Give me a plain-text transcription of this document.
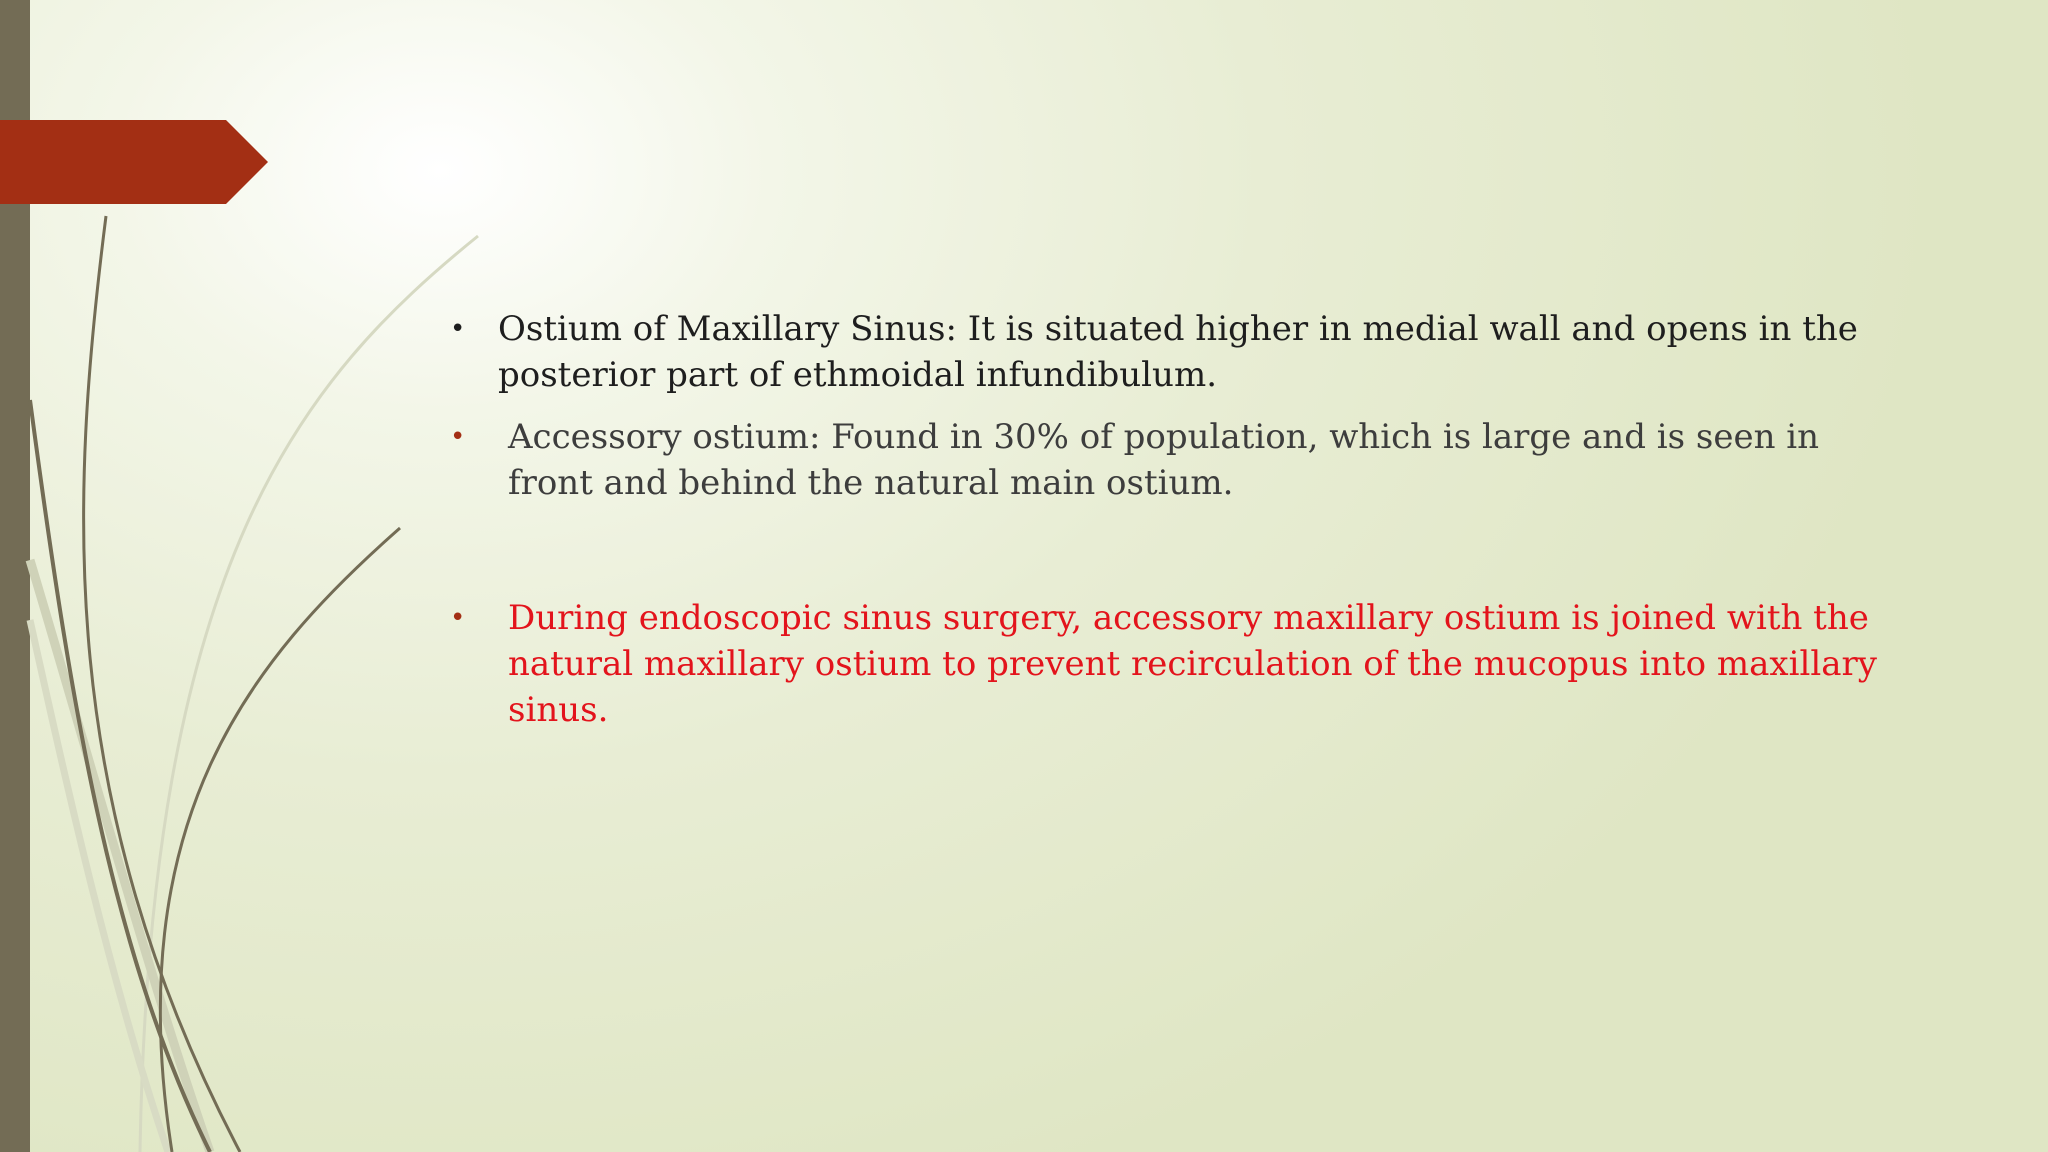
• Ostium of Maxillary Sinus: It is situated higher in medial wall and opens in the posterior part of ethmoidal infundibulum.
• Accessory ostium: Found in 30% of population, which is large and is seen in front and behind the natural main ostium.
• During endoscopic sinus surgery, accessory maxillary ostium is joined with the natural maxillary ostium to prevent recirculation of the mucopus into maxillary sinus.
